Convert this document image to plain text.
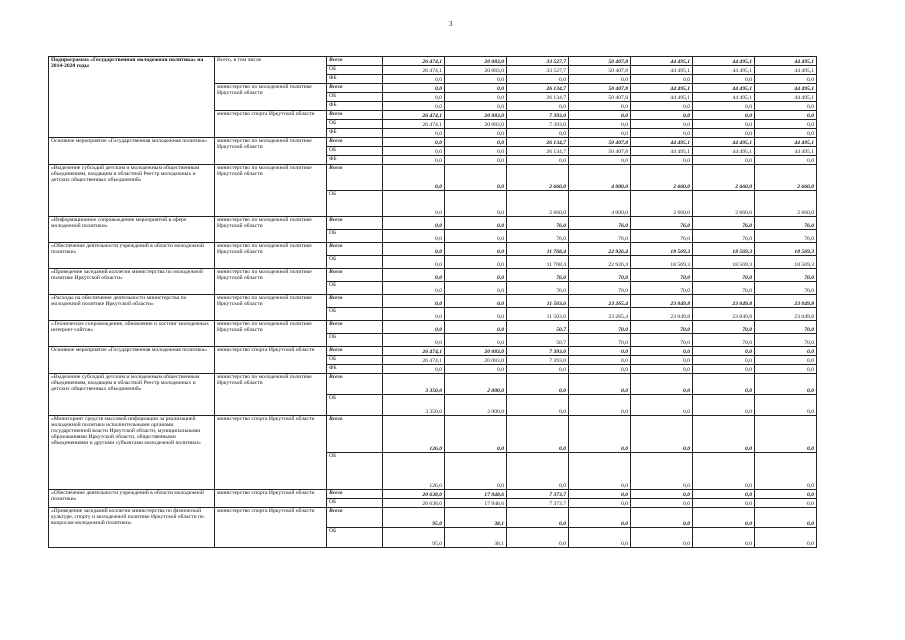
3
Подпрограмма «Государственная молодежная политика» на 2014-2020 годы	Всего, в том числе	Всего	26 474,1	20 083,0	33 527,7	50 407,8	44 495,1	44 495,1	44 495,1
		ОБ	26 474,1	20 083,0	33 527,7	50 407,8	44 495,1	44 495,1	44 495,1
		ФБ	0,0	0,0	0,0	0,0	0,0	0,0	0,0
	министерство по молодежной политике Иркутской области	Всего	0,0	0,0	26 134,7	50 407,8	44 495,1	44 495,1	44 495,1
		ОБ	0,0	0,0	26 134,7	50 407,8	44 495,1	44 495,1	44 495,1
		ФБ	0,0	0,0	0,0	0,0	0,0	0,0	0,0
	министерство спорта Иркутской области	Всего	26 474,1	20 083,0	7 393,0	0,0	0,0	0,0	0,0
		ОБ	26 474,1	20 083,0	7 393,0	0,0	0,0	0,0	0,0
		ФБ	0,0	0,0	0,0	0,0	0,0	0,0	0,0
Основное мероприятие «Государственная молодежная политика»	министерство по молодежной политике Иркутской области	Всего	0,0	0,0	26 134,7	50 407,8	44 495,1	44 495,1	44 495,1
		ОБ	0,0	0,0	26 134,7	50 407,8	44 495,1	44 495,1	44 495,1
		ФБ	0,0	0,0	0,0	0,0	0,0	0,0	0,0
«Выделение субсидий детским и молодежным общественным объединениям, входящим в областной Реестр молодежных и детских общественных объединений»	министерство по молодежной политике Иркутской области	Всего	0,0	0,0	2 660,0	4 000,0	2 660,0	2 660,0	2 660,0
		ОБ	0,0	0,0	2 660,0	4 000,0	2 660,0	2 660,0	2 660,0
«Информационное сопровождение мероприятий в сфере молодежной политики»	министерство по молодежной политике Иркутской области	Всего	0,0	0,0	76,0	76,0	76,0	76,0	76,0
		ОБ	0,0	0,0	76,0	76,0	76,0	76,0	76,0
«Обеспечение деятельности учреждений в области молодежной политики»	министерство по молодежной политике Иркутской области	Всего	0,0	0,0	11 768,4	22 926,4	18 569,3	18 569,3	18 569,3
		ОБ	0,0	0,0	11 768,4	22 926,4	18 569,3	18 569,3	18 569,3
«Проведение заседаний коллегии министерства по молодежной политике Иркутской области»	министерство по молодежной политике Иркутской области	Всего	0,0	0,0	76,0	70,0	70,0	70,0	70,0
		ОБ	0,0	0,0	76,0	70,0	70,0	70,0	70,0
«Расходы на обеспечение деятельности министерства по молодежной политике Иркутской области»	министерство по молодежной политике Иркутской области	Всего	0,0	0,0	11 503,6	23 265,4	23 049,8	23 049,8	23 049,8
		ОБ	0,0	0,0	11 503,6	23 265,4	23 049,8	23 049,8	23 049,8
«Техническое сопровождение, обновление и хостинг молодежных интернет-сайтов»	министерство по молодежной политике Иркутской области	Всего	0,0	0,0	50,7	70,0	70,0	70,0	70,0
		ОБ	0,0	0,0	50,7	70,0	70,0	70,0	70,0
Основное мероприятие «Государственная молодежная политика»	министерство спорта Иркутской области	Всего	26 474,1	20 083,0	7 393,0	0,0	0,0	0,0	0,0
		ОБ	26 474,1	20 083,0	7 393,0	0,0	0,0	0,0	0,0
		ФБ	0,0	0,0	0,0	0,0	0,0	0,0	0,0
«Выделение субсидий детским и молодежным общественным объединениям, входящим в областной Реестр молодежных и детских общественных объединений»	министерство по молодежной политике Иркутской области	Всего	3 350,0	2 000,0	0,0	0,0	0,0	0,0	0,0
		ОБ	3 350,0	2 000,0	0,0	0,0	0,0	0,0	0,0
«Мониторинг средств массовой информации за реализацией молодежной политики исполнительными органами государственной власти Иркутской области, муниципальными образованиями Иркутской области, общественными объединениями и другими субъектами молодежной политики»	министерство спорта Иркутской области	Всего	126,0	0,0	0,0	0,0	0,0	0,0	0,0
		ОБ	126,0	0,0	0,0	0,0	0,0	0,0	0,0
«Обеспечение деятельности учреждений в области молодежной политики»	министерство спорта Иркутской области	Всего	20 638,0	17 948,6	7 373,7	0,0	0,0	0,0	0,0
		ОБ	20 638,0	17 948,6	7 373,7	0,0	0,0	0,0	0,0
«Проведение заседаний коллегии министерства по физической культуре, спорту и молодежной политике Иркутской области по вопросам молодежной политики»	министерство спорта Иркутской области	Всего	95,0	38,1	0,0	0,0	0,0	0,0	0,0
		ОБ	95,0	38,1	0,0	0,0	0,0	0,0	0,0
